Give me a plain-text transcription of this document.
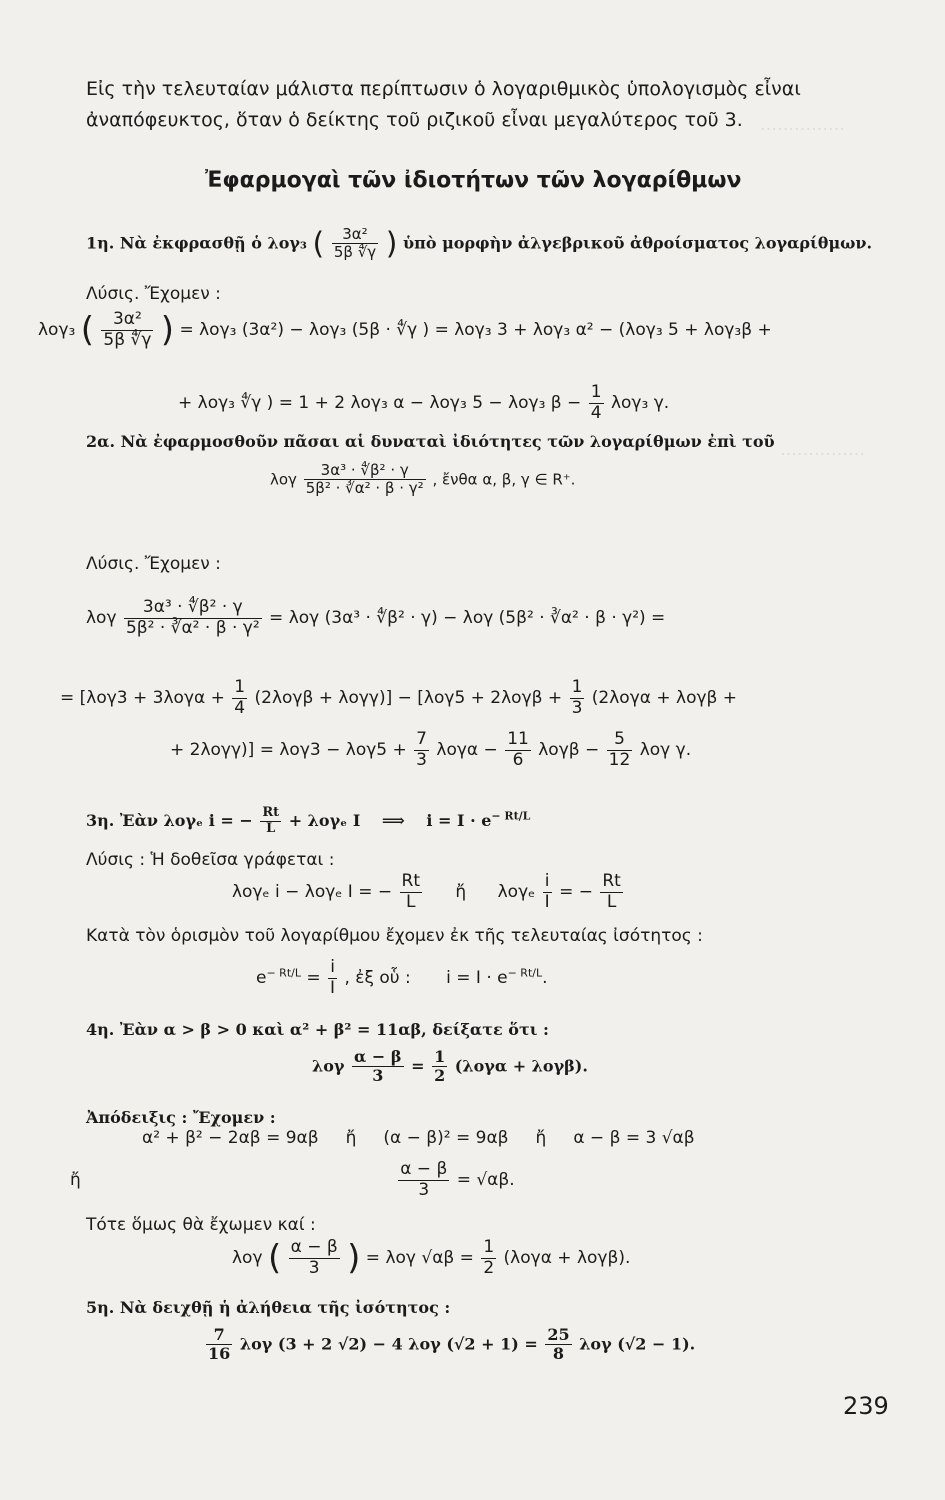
……………
……………
Εἰς τὴν τελευταίαν μάλιστα περίπτωσιν ὁ λογαριθμικὸς ὑπολογισμὸς εἶναι
ἀναπόφευκτος, ὅταν ὁ δείκτης τοῦ ριζικοῦ εἶναι μεγαλύτερος τοῦ 3.
Ἐφαρμογαὶ τῶν ἰδιοτήτων τῶν λογαρίθμων
1η. Νὰ ἐκφρασθῇ ὁ λογ₃ ( $\frac{\text{3α²}}{5\beta ∜\gamma}$ ) ὑπὸ μορφὴν ἀλγεβρικοῦ ἀθροίσματος λογαρίθμων.
Λύσις. Ἔχομεν :
λογ₃ ( $\frac{\text{3α²}}{5\beta ∜\gamma}$ ) = λογ₃ (3α²) − λογ₃ (5β · ∜γ ) = λογ₃ 3 + λογ₃ α² − (λογ₃ 5 + λογ₃β +
+ λογ₃ ∜γ ) = 1 + 2 λογ₃ α − λογ₃ 5 − λογ₃ $\beta - \frac{1}{4} \lambda o\gamma_3$ γ.
2α. Νὰ ἐφαρμοσθοῦν πᾶσαι αἱ δυναταὶ ἰδιότητες τῶν λογαρίθμων ἐπὶ τοῦ
λογ $\frac{\text{3α³ · ∜β² · γ}}{\text{5β² · ∛α² · β · γ²}}$ , ἔνθα α, β, γ ∈ R⁺.
Λύσις. Ἔχομεν :
λογ $\frac{\text{3α³ · ∜β² · γ}}{\text{5β² · ∛α² · β · γ²}} = \lambda o\gamma$ (3α³ · ∜β² · γ) − λογ (5β² · ∛α² · β · γ²) =
= $[\lambda o\gamma 3 + 3\lambda o\gamma\alpha + \frac{1}{4} (2\lambda o\gamma\beta + \lambda o\gamma\gamma)] - [\lambda o\gamma 5 + 2\lambda o\gamma\beta + \frac{1}{3} (2\lambda o\gamma\alpha + \lambda o\gamma\beta$ +
+ $2\lambda o\gamma\gamma)] = \lambda o\gamma 3 - \lambda o\gamma 5 + \frac{7}{3}$ $\lambda o\gamma\alpha - \frac{11}{6}$ $\lambda o\gamma\beta - \frac{5}{12}$ λογ γ.
3η. Ἐὰν λογₑ i = − $\frac{Rt}{L} + \lambda o\gamma_e$ I ⟹ $i = I \cdot e^{- Rt/L}$
Λύσις : Ἡ δοθεῖσα γράφεται :
λογₑ i − λογₑ I = − $\frac{Rt}{L}$ ἤ λογₑ $\frac{i}{I}$ = − $\frac{Rt}{L}$
Κατὰ τὸν ὁρισμὸν τοῦ λογαρίθμου ἔχομεν ἐκ τῆς τελευταίας ἰσότητος :
$e^{- Rt/L} = \frac{i}{I}$ , ἐξ οὗ : $i = I \cdot e^{- Rt/L}$.
4η. Ἐὰν α > β > 0 καὶ α² + β² = 11αβ, δείξατε ὅτι :
λογ $\frac{\alpha - \beta}{3} = \frac{1}{2} (\lambda o\gamma\alpha + \lambda o\gamma\beta)$.
Ἀπόδειξις : Ἔχομεν :
α² + β² − 2αβ = 9αβ     ἤ     (α − β)² = 9αβ     ἤ     α − β = 3 √αβ
ἤ	$\frac{\alpha - \beta}{3} = √\alpha\beta$.
Τότε ὅμως θὰ ἔχωμεν καί :
λογ ( $\frac{\alpha - \beta}{3}$ ) = λογ $√\alpha\beta = \frac{1}{2} (\lambda o\gamma\alpha + \lambda o\gamma\beta)$.
5η. Νὰ δειχθῇ ἡ ἀλήθεια τῆς ἰσότητος :
$\frac{7}{16}$ λογ (3 + 2 √2) − 4 λογ $(√2 + 1) = \frac{25}{8}$ λογ (√2 − 1).
239
